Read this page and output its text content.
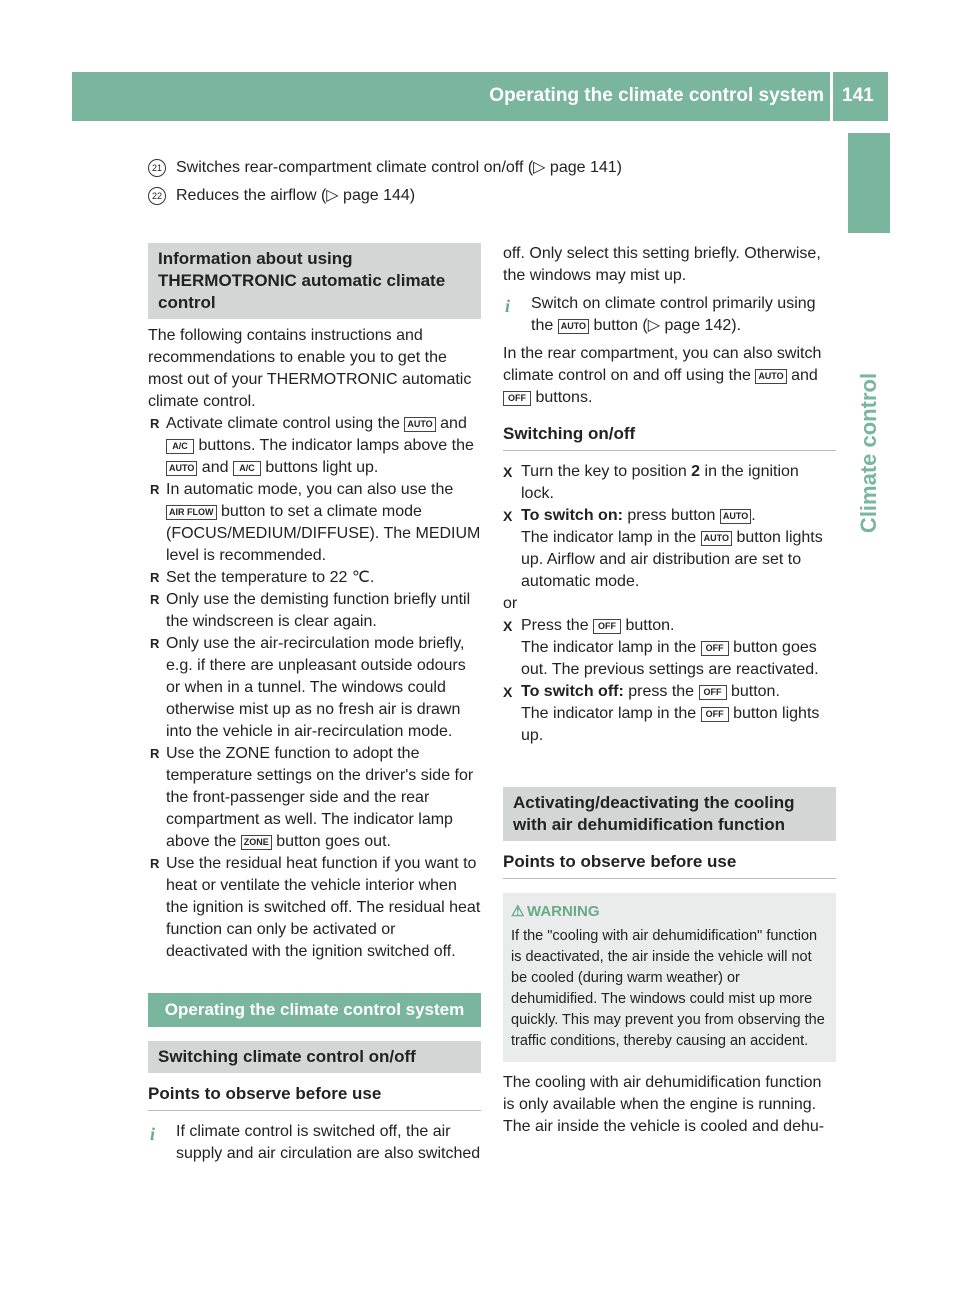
Operating the climate control system 141
Climate control
21 Switches rear-compartment climate control on/off (▷ page 141)
22 Reduces the airflow (▷ page 144)
Information about using THERMOTRONIC automatic climate control
The following contains instructions and recommendations to enable you to get the most out of your THERMOTRONIC automatic climate control.
R Activate climate control using the AUTO and A/C buttons. The indicator lamps above the AUTO and A/C buttons light up.
R In automatic mode, you can also use the AIR FLOW button to set a climate mode (FOCUS/MEDIUM/DIFFUSE). The MEDIUM level is recommended.
R Set the temperature to 22 ℃.
R Only use the demisting function briefly until the windscreen is clear again.
R Only use the air-recirculation mode briefly, e.g. if there are unpleasant outside odours or when in a tunnel. The windows could otherwise mist up as no fresh air is drawn into the vehicle in air-recirculation mode.
R Use the ZONE function to adopt the temperature settings on the driver's side for the front-passenger side and the rear compartment as well. The indicator lamp above the ZONE button goes out.
R Use the residual heat function if you want to heat or ventilate the vehicle interior when the ignition is switched off. The residual heat function can only be activated or deactivated with the ignition switched off.
Operating the climate control system
Switching climate control on/off
Points to observe before use
i If climate control is switched off, the air supply and air circulation are also switched
off. Only select this setting briefly. Otherwise, the windows may mist up.
i Switch on climate control primarily using the AUTO button (▷ page 142).
In the rear compartment, you can also switch climate control on and off using the AUTO and OFF buttons.
Switching on/off
X Turn the key to position 2 in the ignition lock.
X To switch on: press button AUTO .
The indicator lamp in the AUTO button lights up. Airflow and air distribution are set to automatic mode.
or
X Press the OFF button.
The indicator lamp in the OFF button goes out. The previous settings are reactivated.
X To switch off: press the OFF button.
The indicator lamp in the OFF button lights up.
Activating/deactivating the cooling with air dehumidification function
Points to observe before use
⚠ WARNING
If the "cooling with air dehumidification" function is deactivated, the air inside the vehicle will not be cooled (during warm weather) or dehumidified. The windows could mist up more quickly. This may prevent you from observing the traffic conditions, thereby causing an accident.
The cooling with air dehumidification function is only available when the engine is running. The air inside the vehicle is cooled and dehu-
